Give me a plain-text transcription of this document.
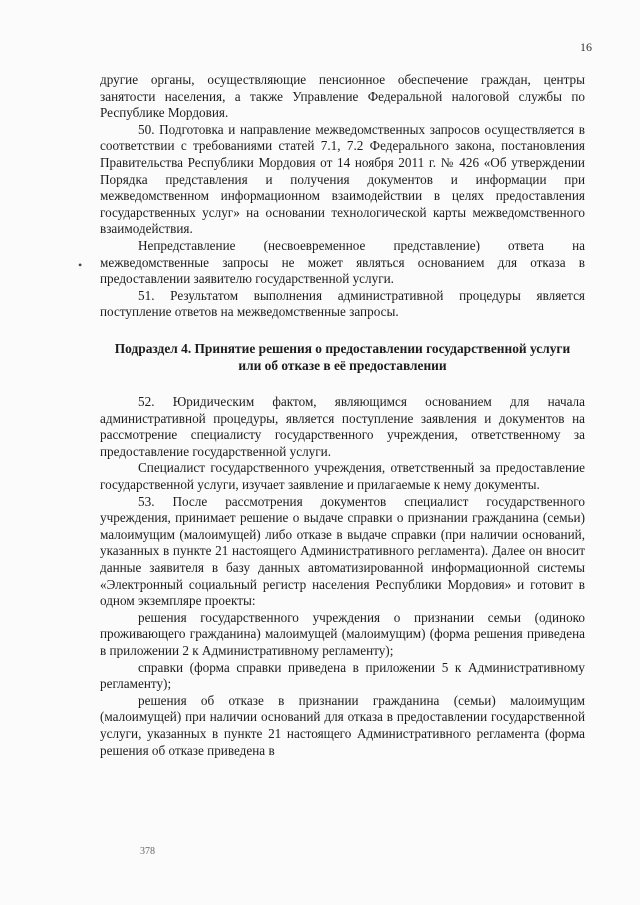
16
•

другие органы, осуществляющие пенсионное обеспечение граждан, центры занятости населения, а также Управление Федеральной налоговой службы по Республике Мордовия.

50. Подготовка и направление межведомственных запросов осуществляется в соответствии с требованиями статей 7.1, 7.2 Федерального закона, постановления Правительства Республики Мордовия от 14 ноября 2011 г. № 426 «Об утверждении Порядка представления и получения документов и информации при межведомственном информационном взаимодействии в целях предоставления государственных услуг» на основании технологической карты межведомственного взаимодействия.

Непредставление (несвоевременное представление) ответа на межведомственные запросы не может являться основанием для отказа в предоставлении заявителю государственной услуги.

51. Результатом выполнения административной процедуры является поступление ответов на межведомственные запросы.

Подраздел 4. Принятие решения о предоставлении государственной услуги или об отказе в её предоставлении

52. Юридическим фактом, являющимся основанием для начала административной процедуры, является поступление заявления и документов на рассмотрение специалисту государственного учреждения, ответственному за предоставление государственной услуги.

Специалист государственного учреждения, ответственный за предоставление государственной услуги, изучает заявление и прилагаемые к нему документы.

53. После рассмотрения документов специалист государственного учреждения, принимает решение о выдаче справки о признании гражданина (семьи) малоимущим (малоимущей) либо отказе в выдаче справки (при наличии оснований, указанных в пункте 21 настоящего Административного регламента). Далее он вносит данные заявителя в базу данных автоматизированной информационной системы «Электронный социальный регистр населения Республики Мордовия» и готовит в одном экземпляре проекты:

решения государственного учреждения о признании семьи (одиноко проживающего гражданина) малоимущей (малоимущим) (форма решения приведена в приложении 2 к Административному регламенту);

справки (форма справки приведена в приложении 5 к Административному регламенту);

решения об отказе в признании гражданина (семьи) малоимущим (малоимущей) при наличии оснований для отказа в предоставлении государственной услуги, указанных в пункте 21 настоящего Административного регламента (форма решения об отказе приведена в

378
